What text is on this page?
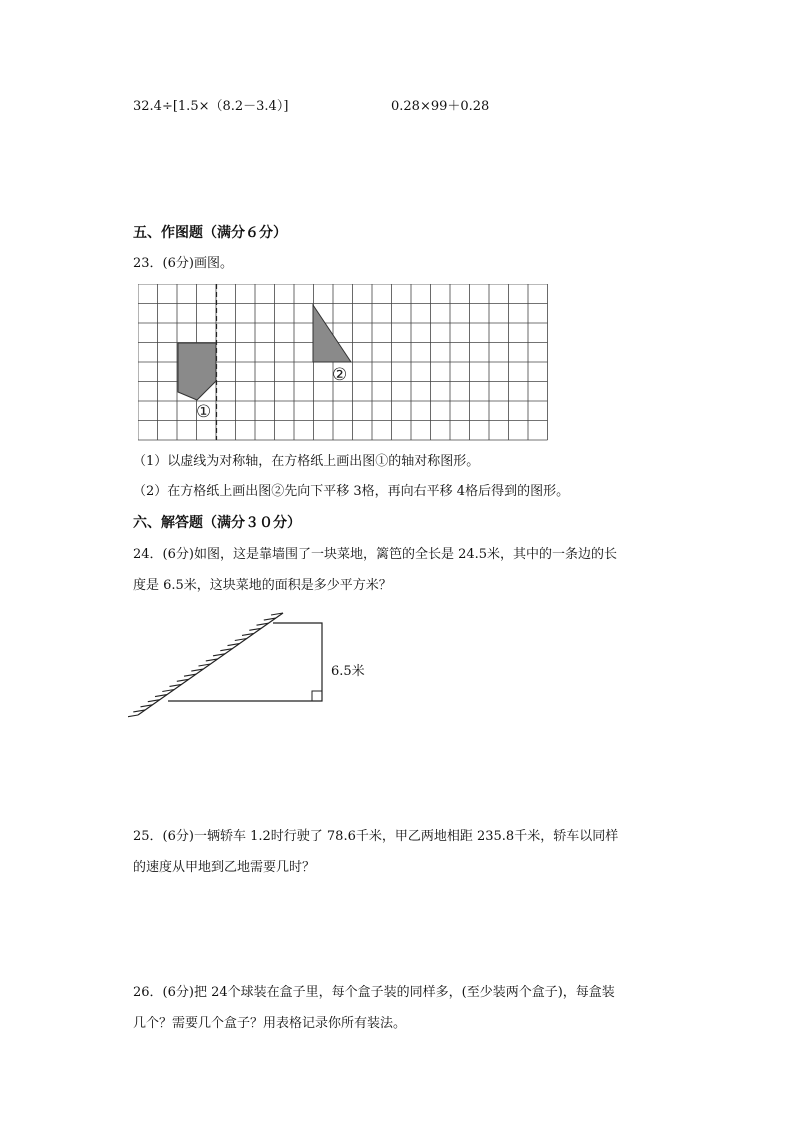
32.4÷[1.5×（8.2－3.4）]	0.28×99＋0.28
五、作图题（满分６分）
23．(6分)画图。
①
②
（1）以虚线为对称轴，在方格纸上画出图①的轴对称图形。
（2）在方格纸上画出图②先向下平移 3格，再向右平移 4格后得到的图形。
六、解答题（满分３０分）
24．(6分)如图，这是靠墙围了一块菜地，篱笆的全长是 24.5米，其中的一条边的长
度是 6.5米，这块菜地的面积是多少平方米？
6.5米
25．(6分)一辆轿车 1.2时行驶了 78.6千米，甲乙两地相距 235.8千米，轿车以同样
的速度从甲地到乙地需要几时？
26．(6分)把 24个球装在盒子里，每个盒子装的同样多，(至少装两个盒子)，每盒装
几个？需要几个盒子？用表格记录你所有装法。
